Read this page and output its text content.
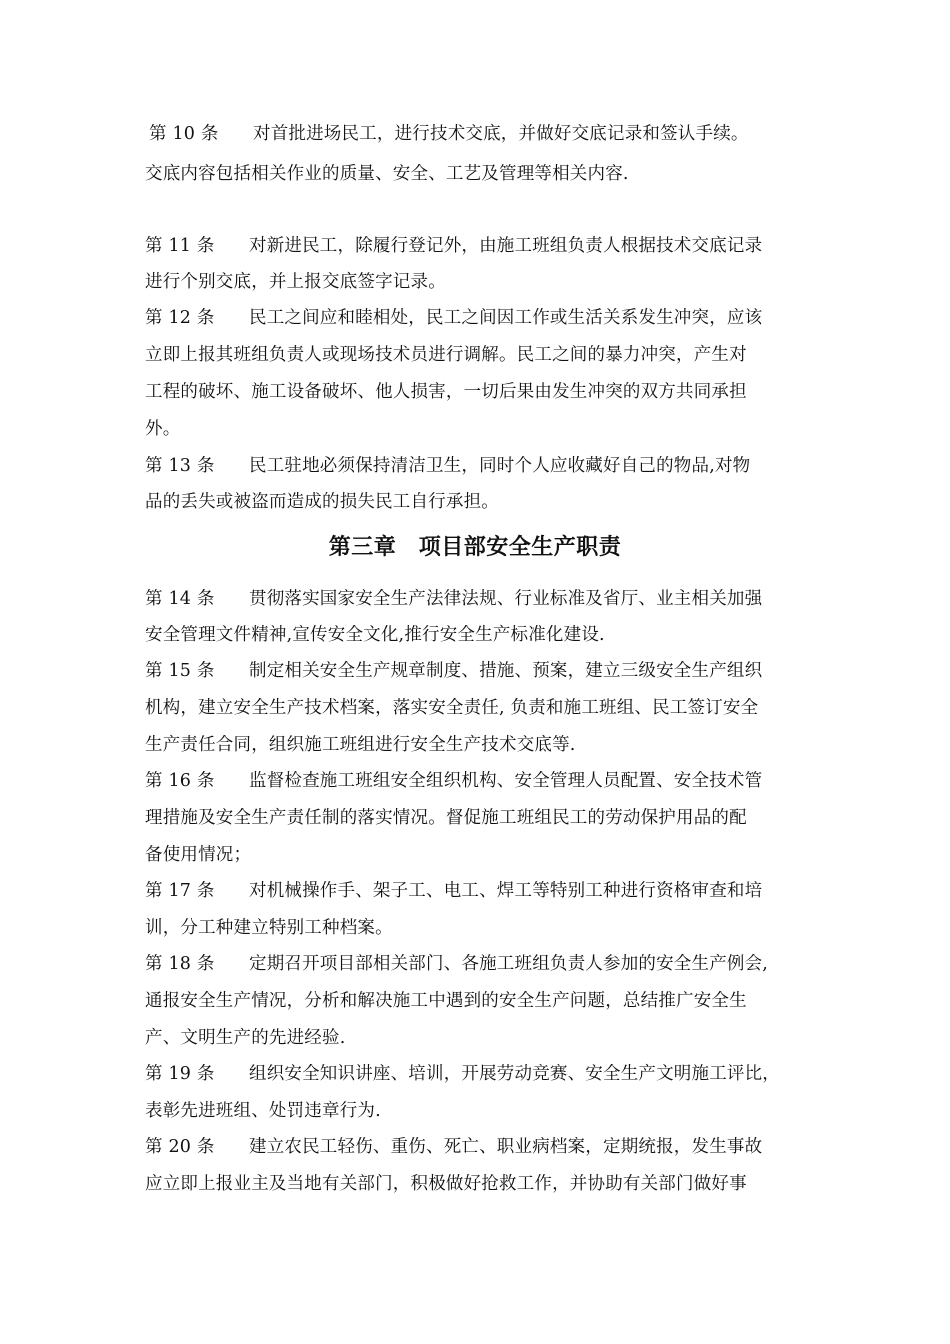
第 10 条 对首批进场民工，进行技术交底，并做好交底记录和签认手续。
交底内容包括相关作业的质量、安全、工艺及管理等相关内容.
第 11 条 对新进民工，除履行登记外，由施工班组负责人根据技术交底记录
进行个别交底，并上报交底签字记录。
第 12 条 民工之间应和睦相处，民工之间因工作或生活关系发生冲突，应该
立即上报其班组负责人或现场技术员进行调解。民工之间的暴力冲突，产生对
工程的破坏、施工设备破坏、他人损害，一切后果由发生冲突的双方共同承担
外。
第 13 条 民工驻地必须保持清洁卫生，同时个人应收藏好自己的物品,对物
品的丢失或被盗而造成的损失民工自行承担。
第三章　项目部安全生产职责
第 14 条 贯彻落实国家安全生产法律法规、行业标准及省厅、业主相关加强
安全管理文件精神,宣传安全文化,推行安全生产标准化建设.
第 15 条 制定相关安全生产规章制度、措施、预案，建立三级安全生产组织
机构，建立安全生产技术档案，落实安全责任, 负责和施工班组、民工签订安全
生产责任合同，组织施工班组进行安全生产技术交底等.
第 16 条 监督检查施工班组安全组织机构、安全管理人员配置、安全技术管
理措施及安全生产责任制的落实情况。督促施工班组民工的劳动保护用品的配
备使用情况；
第 17 条 对机械操作手、架子工、电工、焊工等特别工种进行资格审查和培
训，分工种建立特别工种档案。
第 18 条 定期召开项目部相关部门、各施工班组负责人参加的安全生产例会,
通报安全生产情况，分析和解决施工中遇到的安全生产问题，总结推广安全生
产、文明生产的先进经验.
第 19 条 组织安全知识讲座、培训，开展劳动竞赛、安全生产文明施工评比，
表彰先进班组、处罚违章行为.
第 20 条 建立农民工轻伤、重伤、死亡、职业病档案，定期统报，发生事故
应立即上报业主及当地有关部门，积极做好抢救工作，并协助有关部门做好事
